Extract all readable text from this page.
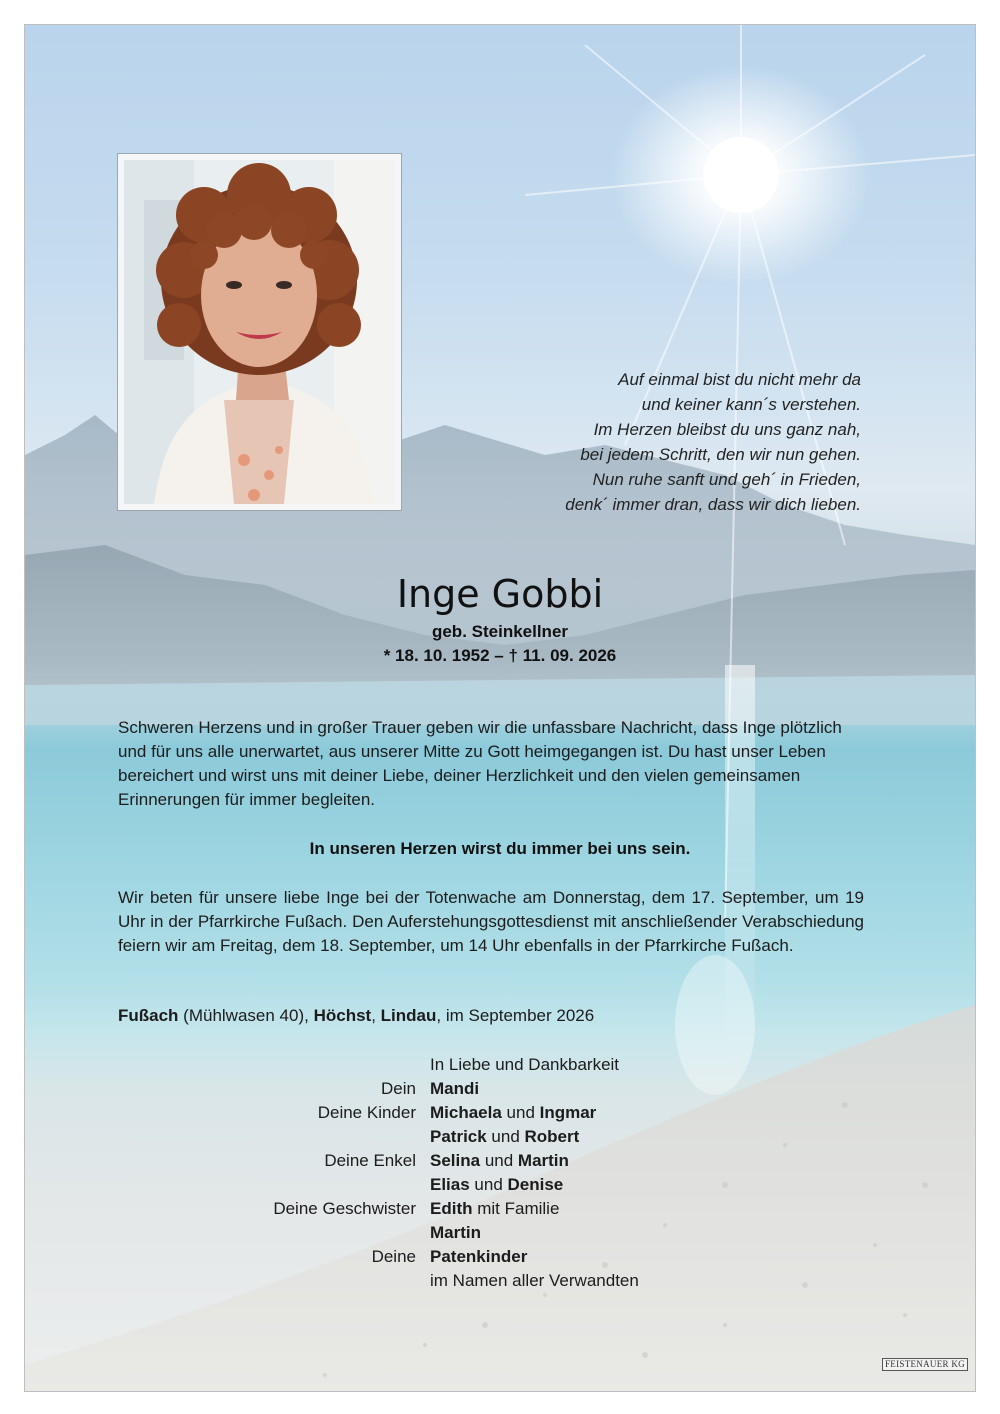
Auf einmal bist du nicht mehr da
und keiner kann´s verstehen.
Im Herzen bleibst du uns ganz nah,
bei jedem Schritt, den wir nun gehen.
Nun ruhe sanft und geh´ in Frieden,
denk´ immer dran, dass wir dich lieben.
Inge Gobbi
geb. Steinkellner
* 18. 10. 1952 – † 11. 09. 2026
Schweren Herzens und in großer Trauer geben wir die unfassbare Nachricht, dass Inge plötzlich und für uns alle unerwartet, aus unserer Mitte zu Gott heimgegangen ist. Du hast unser Leben bereichert und wirst uns mit deiner Liebe, deiner Herzlichkeit und den vielen gemeinsamen Erinnerungen für immer begleiten.
In unseren Herzen wirst du immer bei uns sein.
Wir beten für unsere liebe Inge bei der Totenwache am Donnerstag, dem 17. September, um 19 Uhr in der Pfarrkirche Fußach. Den Auferstehungsgottesdienst mit anschließender Verabschiedung feiern wir am Freitag, dem 18. September, um 14 Uhr ebenfalls in der Pfarrkirche Fußach.
Fußach (Mühlwasen 40), Höchst, Lindau, im September 2026
In Liebe und Dankbarkeit
Dein Mandi
Deine Kinder Michaela und Ingmar
Patrick und Robert
Deine Enkel Selina und Martin
Elias und Denise
Deine Geschwister Edith mit Familie
Martin
Deine Patenkinder
im Namen aller Verwandten
FEISTENAUER KG
